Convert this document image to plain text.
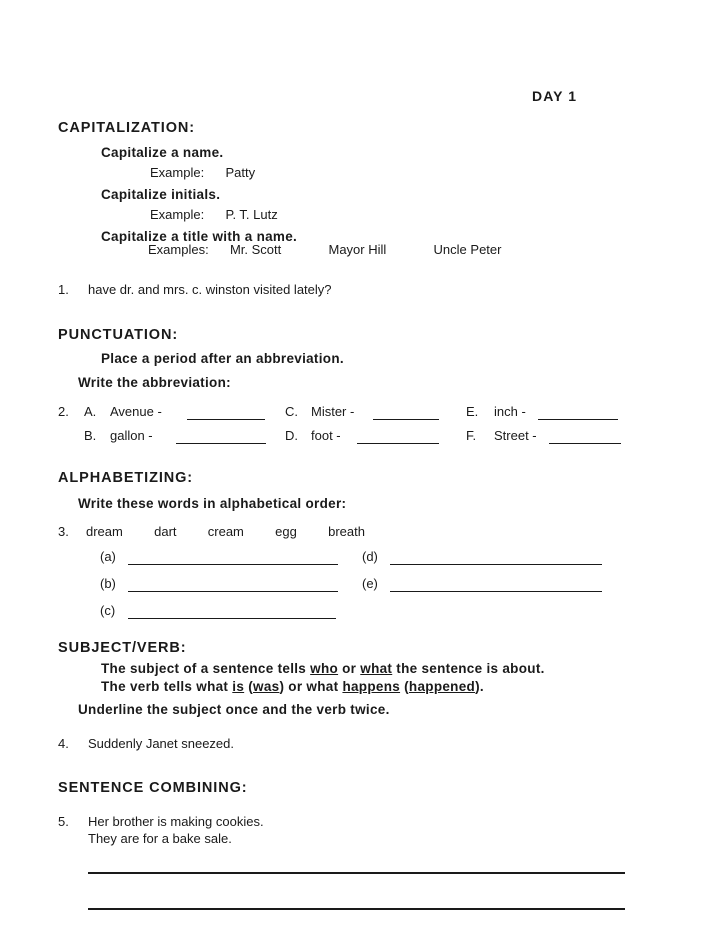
DAY 1
CAPITALIZATION:
Capitalize a name.
Example: Patty
Capitalize initials.
Example: P. T. Lutz
Capitalize a title with a name.
Examples: Mr. Scott	Mayor Hill	Uncle Peter
1. have dr. and mrs. c. winston visited lately?
PUNCTUATION:
Place a period after an abbreviation.
Write the abbreviation:
2. A. Avenue -
B. gallon -
C. Mister -
D. foot -
E. inch -
F. Street -
ALPHABETIZING:
Write these words in alphabetical order:
3. dream dart cream egg breath
(a)
(b)
(c)
(d)
(e)
SUBJECT/VERB:
The subject of a sentence tells who or what the sentence is about.
The verb tells what is (was) or what happens (happened).
Underline the subject once and the verb twice.
4. Suddenly Janet sneezed.
SENTENCE COMBINING:
5. Her brother is making cookies.
They are for a bake sale.
